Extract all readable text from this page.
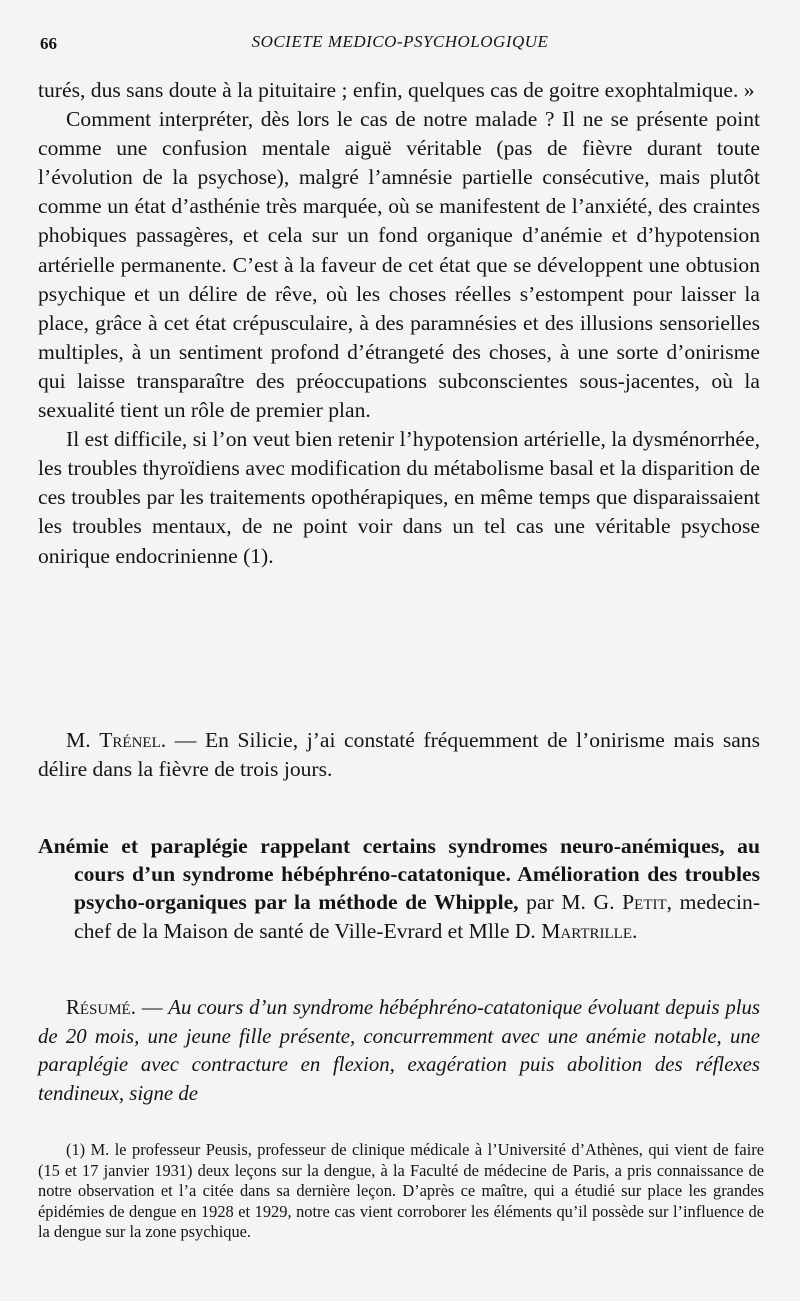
66	SOCIETE MEDICO-PSYCHOLOGIQUE

turés, dus sans doute à la pituitaire ; enfin, quelques cas de goitre exophtalmique. »

Comment interpréter, dès lors le cas de notre malade ? Il ne se présente point comme une confusion mentale aiguë véritable (pas de fièvre durant toute l’évolution de la psychose), malgré l’amnésie partielle consécutive, mais plutôt comme un état d’asthénie très marquée, où se manifestent de l’anxiété, des craintes phobiques passagères, et cela sur un fond organique d’anémie et d’hypotension artérielle permanente. C’est à la faveur de cet état que se développent une obtusion psychique et un délire de rêve, où les choses réelles s’estompent pour laisser la place, grâce à cet état crépusculaire, à des paramnésies et des illusions sensorielles multiples, à un sentiment profond d’étrangeté des choses, à une sorte d’onirisme qui laisse transparaître des préoccupations subconscientes sous-jacentes, où la sexualité tient un rôle de premier plan.

Il est difficile, si l’on veut bien retenir l’hypotension artérielle, la dysménorrhée, les troubles thyroïdiens avec modification du métabolisme basal et la disparition de ces troubles par les traitements opothérapiques, en même temps que disparaissaient les troubles mentaux, de ne point voir dans un tel cas une véritable psychose onirique endocrinienne (1).

M. Trénel. — En Silicie, j’ai constaté fréquemment de l’onirisme mais sans délire dans la fièvre de trois jours.

Anémie et paraplégie rappelant certains syndromes neuro-anémiques, au cours d’un syndrome hébéphréno-catatonique. Amélioration des troubles psycho-organiques par la méthode de Whipple, par M. G. Petit, medecin-chef de la Maison de santé de Ville-Evrard et Mlle D. Martrille.

Résumé. — Au cours d’un syndrome hébéphréno-catatonique évoluant depuis plus de 20 mois, une jeune fille présente, concurremment avec une anémie notable, une paraplégie avec contracture en flexion, exagération puis abolition des réflexes tendineux, signe de

(1) M. le professeur Peusis, professeur de clinique médicale à l’Université d’Athènes, qui vient de faire (15 et 17 janvier 1931) deux leçons sur la dengue, à la Faculté de médecine de Paris, a pris connaissance de notre observation et l’a citée dans sa dernière leçon. D’après ce maître, qui a étudié sur place les grandes épidémies de dengue en 1928 et 1929, notre cas vient corroborer les éléments qu’il possède sur l’influence de la dengue sur la zone psychique.
